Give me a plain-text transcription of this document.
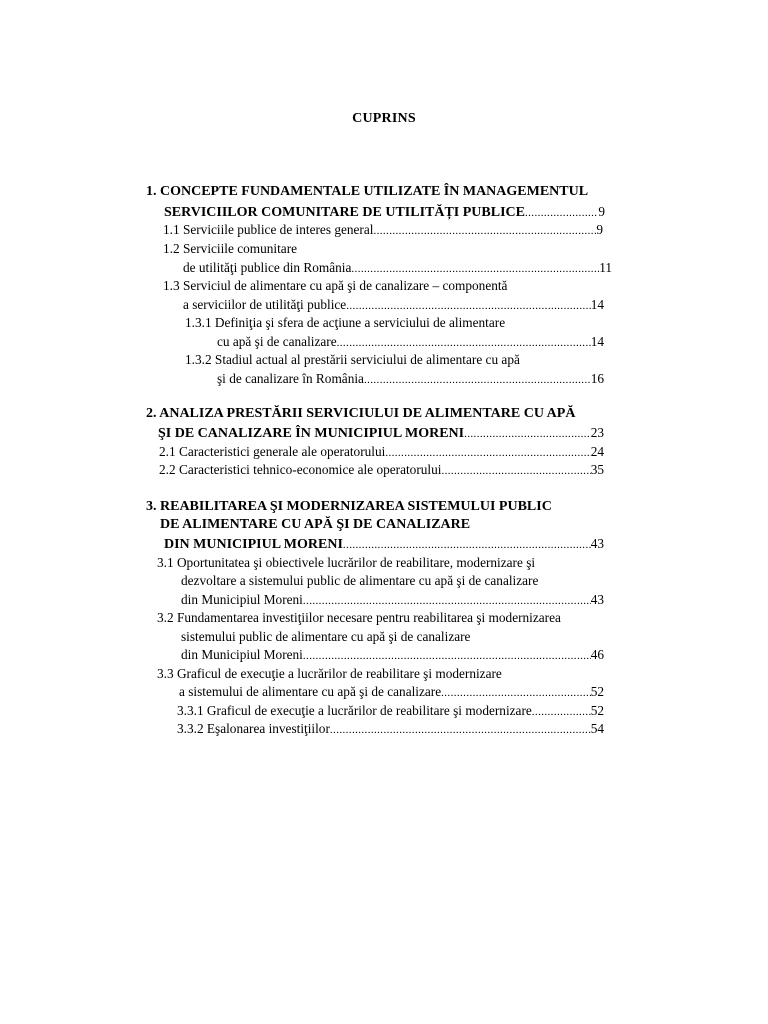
CUPRINS
1. CONCEPTE FUNDAMENTALE UTILIZATE ÎN MANAGEMENTUL
SERVICIILOR COMUNITARE DE UTILITĂȚI PUBLICE .....	9
1.1 Serviciile publice de interes general .....	9
1.2 Serviciile comunitare
de utilităţi publice din România .....	11
1.3 Serviciul de alimentare cu apă şi de canalizare – componentă
a serviciilor de utilităţi publice .....	14
1.3.1 Definiţia şi sfera de acţiune a serviciului de alimentare
cu apă şi de canalizare .....	14
1.3.2 Stadiul actual al prestării serviciului de alimentare cu apă
şi de canalizare în România .....	16
2. ANALIZA PRESTĂRII SERVICIULUI DE ALIMENTARE CU APĂ
ŞI DE CANALIZARE ÎN MUNICIPIUL MORENI .....	23
2.1 Caracteristici generale ale operatorului .....	24
2.2 Caracteristici tehnico-economice ale operatorului .....	35
3. REABILITAREA ŞI MODERNIZAREA SISTEMULUI PUBLIC
DE ALIMENTARE CU APĂ ŞI DE CANALIZARE
DIN MUNICIPIUL MORENI .....	43
3.1 Oportunitatea şi obiectivele lucrărilor de reabilitare, modernizare şi
dezvoltare a sistemului public de alimentare cu apă şi de canalizare
din Municipiul Moreni .....	43
3.2 Fundamentarea investiţiilor necesare pentru reabilitarea şi modernizarea
sistemului public de alimentare cu apă şi de canalizare
din Municipiul Moreni .....	46
3.3 Graficul de execuţie a lucrărilor de reabilitare şi modernizare
a sistemului de alimentare cu apă şi de canalizare .....	52
3.3.1 Graficul de execuţie a lucrărilor de reabilitare şi modernizare .....	52
3.3.2 Eşalonarea investiţiilor .....	54
